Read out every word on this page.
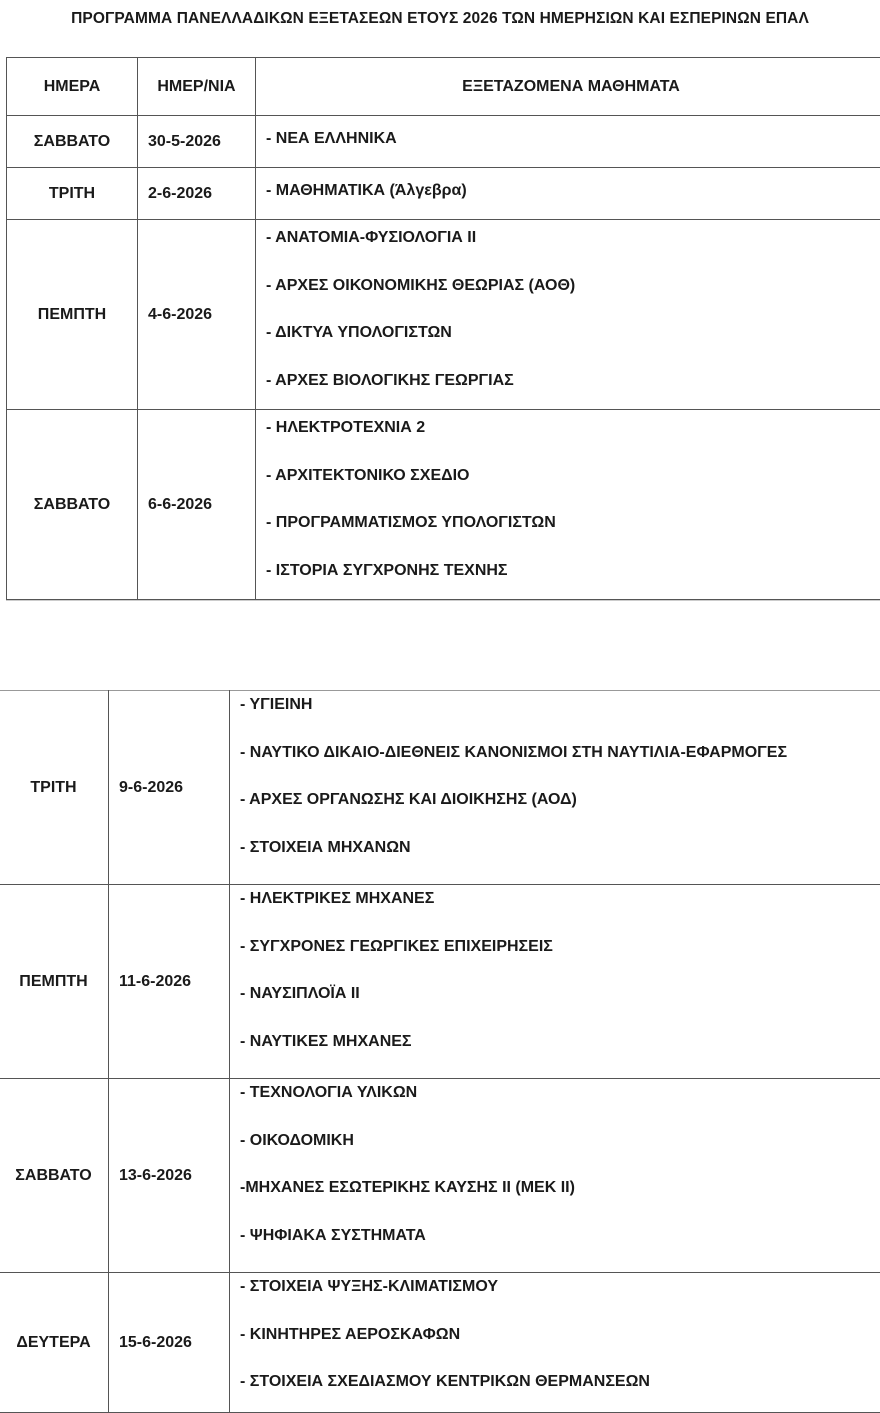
ΠΡΟΓΡΑΜΜΑ ΠΑΝΕΛΛΑΔΙΚΩΝ ΕΞΕΤΑΣΕΩΝ ΕΤΟΥΣ 2026 ΤΩΝ ΗΜΕΡΗΣΙΩΝ ΚΑΙ ΕΣΠΕΡΙΝΩΝ ΕΠΑΛ
ΗΜΕΡΑ	ΗΜΕΡ/ΝΙΑ	ΕΞΕΤΑΖΟΜΕΝΑ ΜΑΘΗΜΑΤΑ
ΣΑΒΒΑΤΟ	30-5-2026	- ΝΕΑ ΕΛΛΗΝΙΚΑ
ΤΡΙΤΗ	2-6-2026	- ΜΑΘΗΜΑΤΙΚΑ (Άλγεβρα)
ΠΕΜΠΤΗ	4-6-2026	- ΑΝΑΤΟΜΙΑ-ΦΥΣΙΟΛΟΓΙΑ II
- ΑΡΧΕΣ ΟΙΚΟΝΟΜΙΚΗΣ ΘΕΩΡΙΑΣ (ΑΟΘ)
- ΔΙΚΤΥΑ ΥΠΟΛΟΓΙΣΤΩΝ
- ΑΡΧΕΣ ΒΙΟΛΟΓΙΚΗΣ ΓΕΩΡΓΙΑΣ

ΣΑΒΒΑΤΟ	6-6-2026	- ΗΛΕΚΤΡΟΤΕΧΝΙΑ 2
- ΑΡΧΙΤΕΚΤΟΝΙΚΟ ΣΧΕΔΙΟ
- ΠΡΟΓΡΑΜΜΑΤΙΣΜΟΣ ΥΠΟΛΟΓΙΣΤΩΝ
- ΙΣΤΟΡΙΑ ΣΥΓΧΡΟΝΗΣ ΤΕΧΝΗΣ
ΤΡΙΤΗ	9-6-2026	- ΥΓΙΕΙΝΗ
- ΝΑΥΤΙΚΟ ΔΙΚΑΙΟ-ΔΙΕΘΝΕΙΣ ΚΑΝΟΝΙΣΜΟΙ ΣΤΗ ΝΑΥΤΙΛΙΑ-ΕΦΑΡΜΟΓΕΣ
- ΑΡΧΕΣ ΟΡΓΑΝΩΣΗΣ ΚΑΙ ΔΙΟΙΚΗΣΗΣ (ΑΟΔ)
- ΣΤΟΙΧΕΙΑ ΜΗΧΑΝΩΝ

ΠΕΜΠΤΗ	11-6-2026	- ΗΛΕΚΤΡΙΚΕΣ ΜΗΧΑΝΕΣ
- ΣΥΓΧΡΟΝΕΣ ΓΕΩΡΓΙΚΕΣ ΕΠΙΧΕΙΡΗΣΕΙΣ
- ΝΑΥΣΙΠΛΟΪΑ II
- ΝΑΥΤΙΚΕΣ ΜΗΧΑΝΕΣ

ΣΑΒΒΑΤΟ	13-6-2026	- ΤΕΧΝΟΛΟΓΙΑ ΥΛΙΚΩΝ
- ΟΙΚΟΔΟΜΙΚΗ
-ΜΗΧΑΝΕΣ ΕΣΩΤΕΡΙΚΗΣ ΚΑΥΣΗΣ II (ΜΕΚ II)
- ΨΗΦΙΑΚΑ ΣΥΣΤΗΜΑΤΑ

ΔΕΥΤΕΡΑ	15-6-2026	- ΣΤΟΙΧΕΙΑ ΨΥΞΗΣ-ΚΛΙΜΑΤΙΣΜΟΥ
- ΚΙΝΗΤΗΡΕΣ ΑΕΡΟΣΚΑΦΩΝ
- ΣΤΟΙΧΕΙΑ ΣΧΕΔΙΑΣΜΟΥ ΚΕΝΤΡΙΚΩΝ ΘΕΡΜΑΝΣΕΩΝ
